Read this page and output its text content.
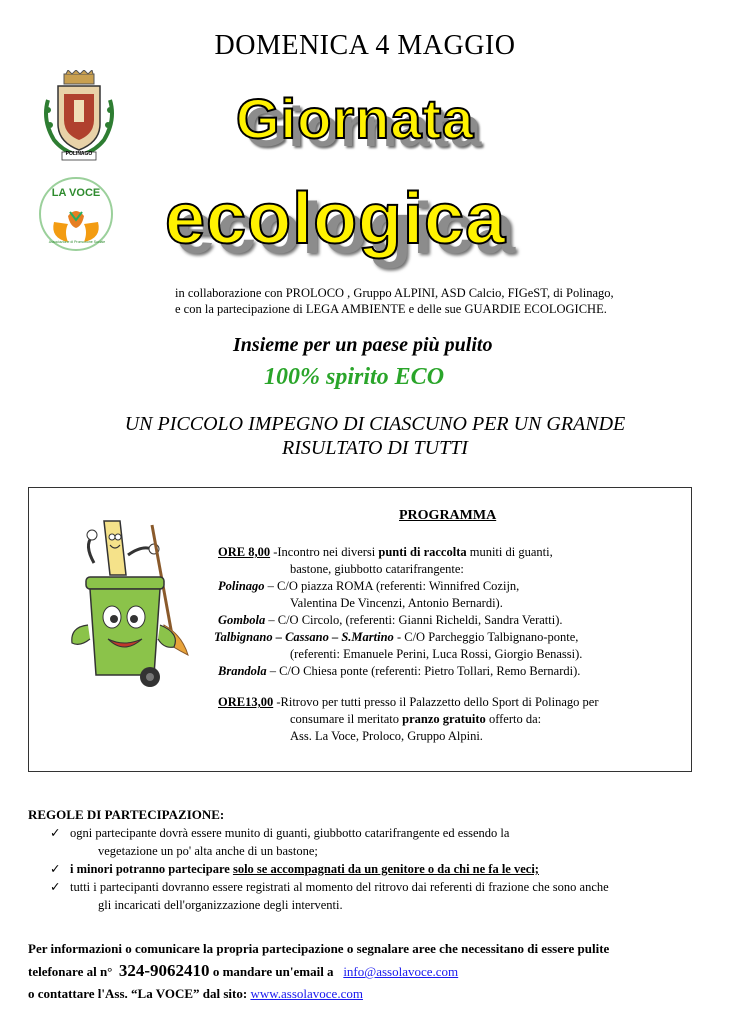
POLINAGO
LA VOCE
Associazione di Promozione Sociale
DOMENICA 4 MAGGIO
Giornata
ecologica
in collaborazione con PROLOCO , Gruppo ALPINI, ASD Calcio, FIGeST, di Polinago,
e con la partecipazione di LEGA AMBIENTE e delle sue GUARDIE ECOLOGICHE.
Insieme per un paese più pulito
100% spirito ECO
UN PICCOLO IMPEGNO DI CIASCUNO PER UN GRANDE
RISULTATO DI TUTTI
PROGRAMMA

ORE 8,00 -Incontro nei diversi punti di raccolta muniti di guanti,

bastone, giubbotto catarifrangente:

Polinago – C/O piazza ROMA (referenti: Winnifred Cozijn,

Valentina De Vincenzi, Antonio Bernardi).

Gombola – C/O Circolo, (referenti: Gianni Richeldi, Sandra Veratti).

Talbignano – Cassano – S.Martino - C/O Parcheggio Talbignano-ponte,

(referenti: Emanuele Perini, Luca Rossi, Giorgio Benassi).

Brandola – C/O Chiesa ponte (referenti: Pietro Tollari, Remo Bernardi).

ORE13,00 -Ritrovo per tutti presso il Palazzetto dello Sport di Polinago per

consumare il meritato pranzo gratuito offerto da:

Ass. La Voce, Proloco, Gruppo Alpini.

REGOLE DI PARTECIPAZIONE:

✓ ogni partecipante dovrà essere munito di guanti, giubbotto catarifrangente ed essendo la

vegetazione un po' alta anche di un bastone;

✓ i minori potranno partecipare solo se accompagnati da un genitore o da chi ne fa le veci;

✓ tutti i partecipanti dovranno essere registrati al momento del ritrovo dai referenti di frazione che sono anche

gli incaricati dell'organizzazione degli interventi.

Per informazioni o comunicare la propria partecipazione o segnalare aree che necessitano di essere pulite

telefonare al n° 324-9062410 o mandare un'email a   info@assolavoce.com

o contattare l'Ass. “La VOCE” dal sito: www.assolavoce.com
